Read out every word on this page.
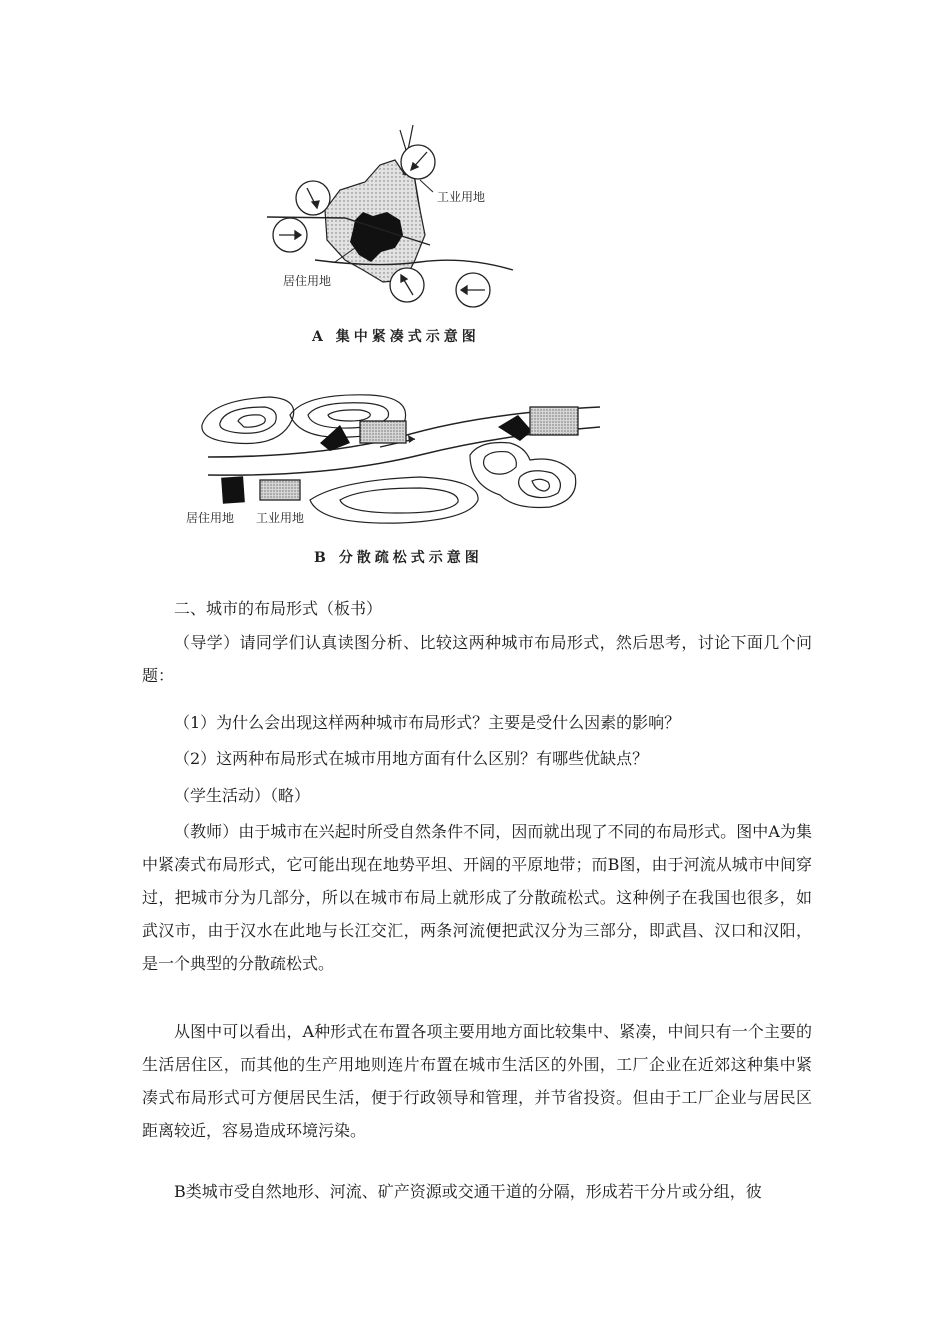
工业用地
居住用地
A 集中紧凑式示意图
居住用地 工业用地
B 分散疏松式示意图

二、城市的布局形式（板书）

（导学）请同学们认真读图分析、比较这两种城市布局形式，然后思考，讨论下面几个问题：

（1）为什么会出现这样两种城市布局形式？主要是受什么因素的影响？

（2）这两种布局形式在城市用地方面有什么区别？有哪些优缺点？

（学生活动）（略）

（教师）由于城市在兴起时所受自然条件不同，因而就出现了不同的布局形式。图中A为集中紧凑式布局形式，它可能出现在地势平坦、开阔的平原地带；而B图，由于河流从城市中间穿过，把城市分为几部分，所以在城市布局上就形成了分散疏松式。这种例子在我国也很多，如武汉市，由于汉水在此地与长江交汇，两条河流便把武汉分为三部分，即武昌、汉口和汉阳，是一个典型的分散疏松式。

从图中可以看出，A种形式在布置各项主要用地方面比较集中、紧凑，中间只有一个主要的生活居住区，而其他的生产用地则连片布置在城市生活区的外围，工厂企业在近郊这种集中紧凑式布局形式可方便居民生活，便于行政领导和管理，并节省投资。但由于工厂企业与居民区距离较近，容易造成环境污染。

B类城市受自然地形、河流、矿产资源或交通干道的分隔，形成若干分片或分组，彼
